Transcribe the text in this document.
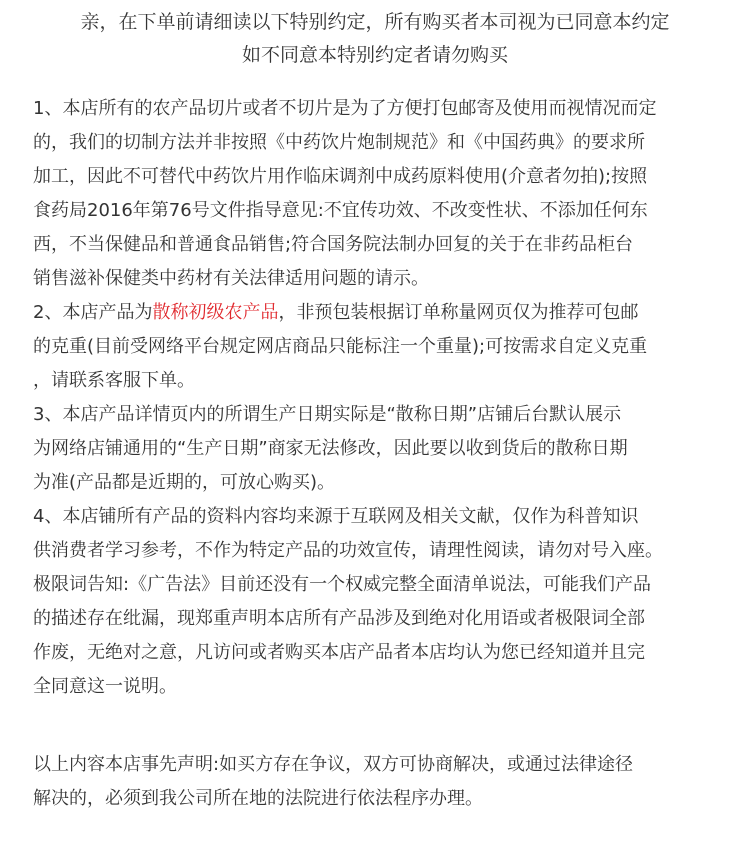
亲，在下单前请细读以下特别约定，所有购买者本司视为已同意本约定
如不同意本特别约定者请勿购买
1、本店所有的农产品切片或者不切片是为了方便打包邮寄及使用而视情况而定
的，我们的切制方法并非按照《中药饮片炮制规范》和《中国药典》的要求所
加工，因此不可替代中药饮片用作临床调剂中成药原料使用(介意者勿拍);按照
食药局2016年第76号文件指导意见:不宜传功效、不改变性状、不添加任何东
西，不当保健品和普通食品销售;符合国务院法制办回复的关于在非药品柜台
销售滋补保健类中药材有关法律适用问题的请示。
2、本店产品为散称初级农产品，非预包装根据订单称量网页仅为推荐可包邮
的克重(目前受网络平台规定网店商品只能标注一个重量);可按需求自定义克重
，请联系客服下单。
3、本店产品详情页内的所谓生产日期实际是“散称日期”店铺后台默认展示
为网络店铺通用的“生产日期”商家无法修改，因此要以收到货后的散称日期
为准(产品都是近期的，可放心购买)。
4、本店铺所有产品的资料内容均来源于互联网及相关文献，仅作为科普知识
供消费者学习参考，不作为特定产品的功效宣传，请理性阅读，请勿对号入座。
极限词告知:《广告法》目前还没有一个权威完整全面清单说法，可能我们产品
的描述存在纰漏，现郑重声明本店所有产品涉及到绝对化用语或者极限词全部
作废，无绝对之意，凡访问或者购买本店产品者本店均认为您已经知道并且完
全同意这一说明。
以上内容本店事先声明:如买方存在争议，双方可协商解决，或通过法律途径
解决的，必须到我公司所在地的法院进行依法程序办理。
